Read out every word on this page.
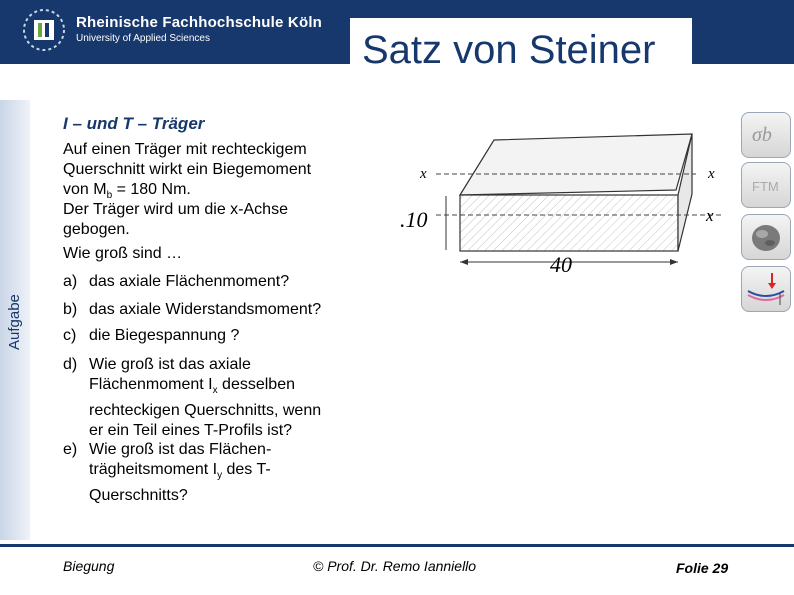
Rheinische Fachhochschule Köln
University of Applied Sciences	Satz von Steiner
Aufgabe
I – und T – Träger
Auf einen Träger mit rechteckigem
Querschnitt wirkt ein Biegemoment
von $M_b = 180$ Nm.
Der Träger wird um die x-Achse
gebogen.
Wie groß sind …
a) das axiale Flächenmoment?
b) das axiale Widerstandsmoment?
c) die Biegespannung ?
d) Wie groß ist das axiale
Flächenmoment $I_x$ desselben
rechteckigen Querschnitts, wenn
er ein Teil eines T-Profils ist?
e) Wie groß ist das Flächen-
trägheitsmoment $I_y$ des T-
Querschnitts?
x	x
x
.10
40
σb
FTM
Biegung	© Prof. Dr. Remo Ianniello	Folie 29
